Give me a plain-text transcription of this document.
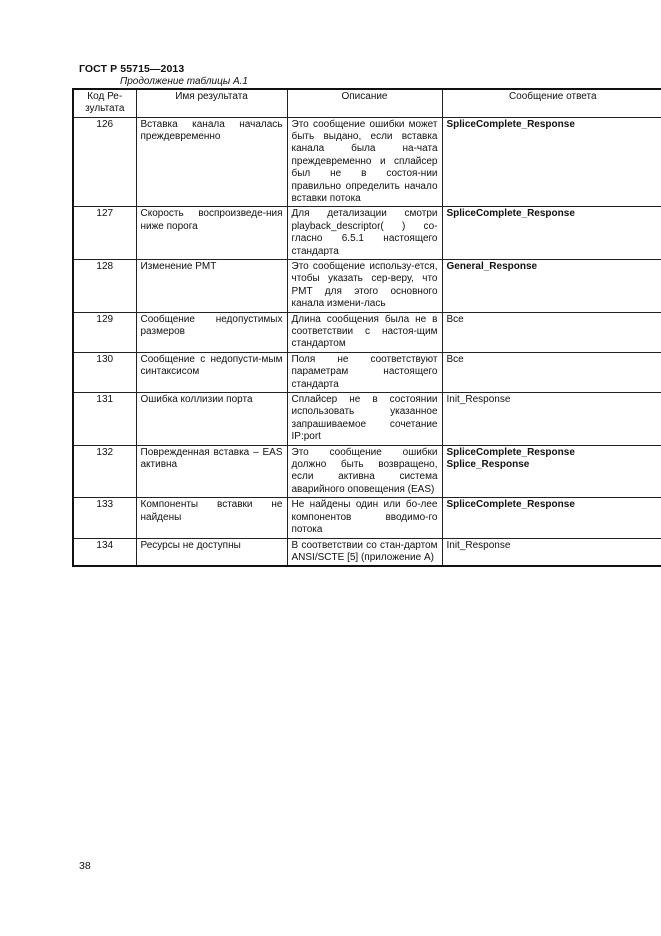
ГОСТ Р 55715—2013
Продолжение таблицы А.1
Код Ре-
зультата	Имя результата	Описание	Сообщение ответа
126	Вставка канала началась преждевременно	Это сообщение ошибки может быть выдано, если вставка канала была на-чата преждевременно и сплайсер был не в состоя-нии правильно определить начало вставки потока	SpliceComplete_Response
127	Скорость воспроизведе-ния ниже порога	Для детализации смотри playback_descriptor( ) со-гласно 6.5.1 настоящего стандарта	SpliceComplete_Response
128	Изменение PMT	Это сообщение использу-ется, чтобы указать сер-веру, что PMT для этого основного канала измени-лась	General_Response
129	Сообщение недопустимых размеров	Длина сообщения была не в соответствии с настоя-щим стандартом	Все
130	Сообщение с недопусти-мым синтаксисом	Поля не соответствуют параметрам настоящего стандарта	Все
131	Ошибка коллизии порта	Сплайсер не в состоянии использовать указанное запрашиваемое сочетание IP:port	Init_Response
132	Поврежденная вставка – EAS активна	Это сообщение ошибки должно быть возвращено, если активна система аварийного оповещения (EAS)	SpliceComplete_Response
Splice_Response
133	Компоненты вставки не найдены	Не найдены один или бо-лее компонентов вводимо-го потока	SpliceComplete_Response
134	Ресурсы не доступны	В соответствии со стан-дартом ANSI/SCTE [5] (приложение А)	Init_Response
38
